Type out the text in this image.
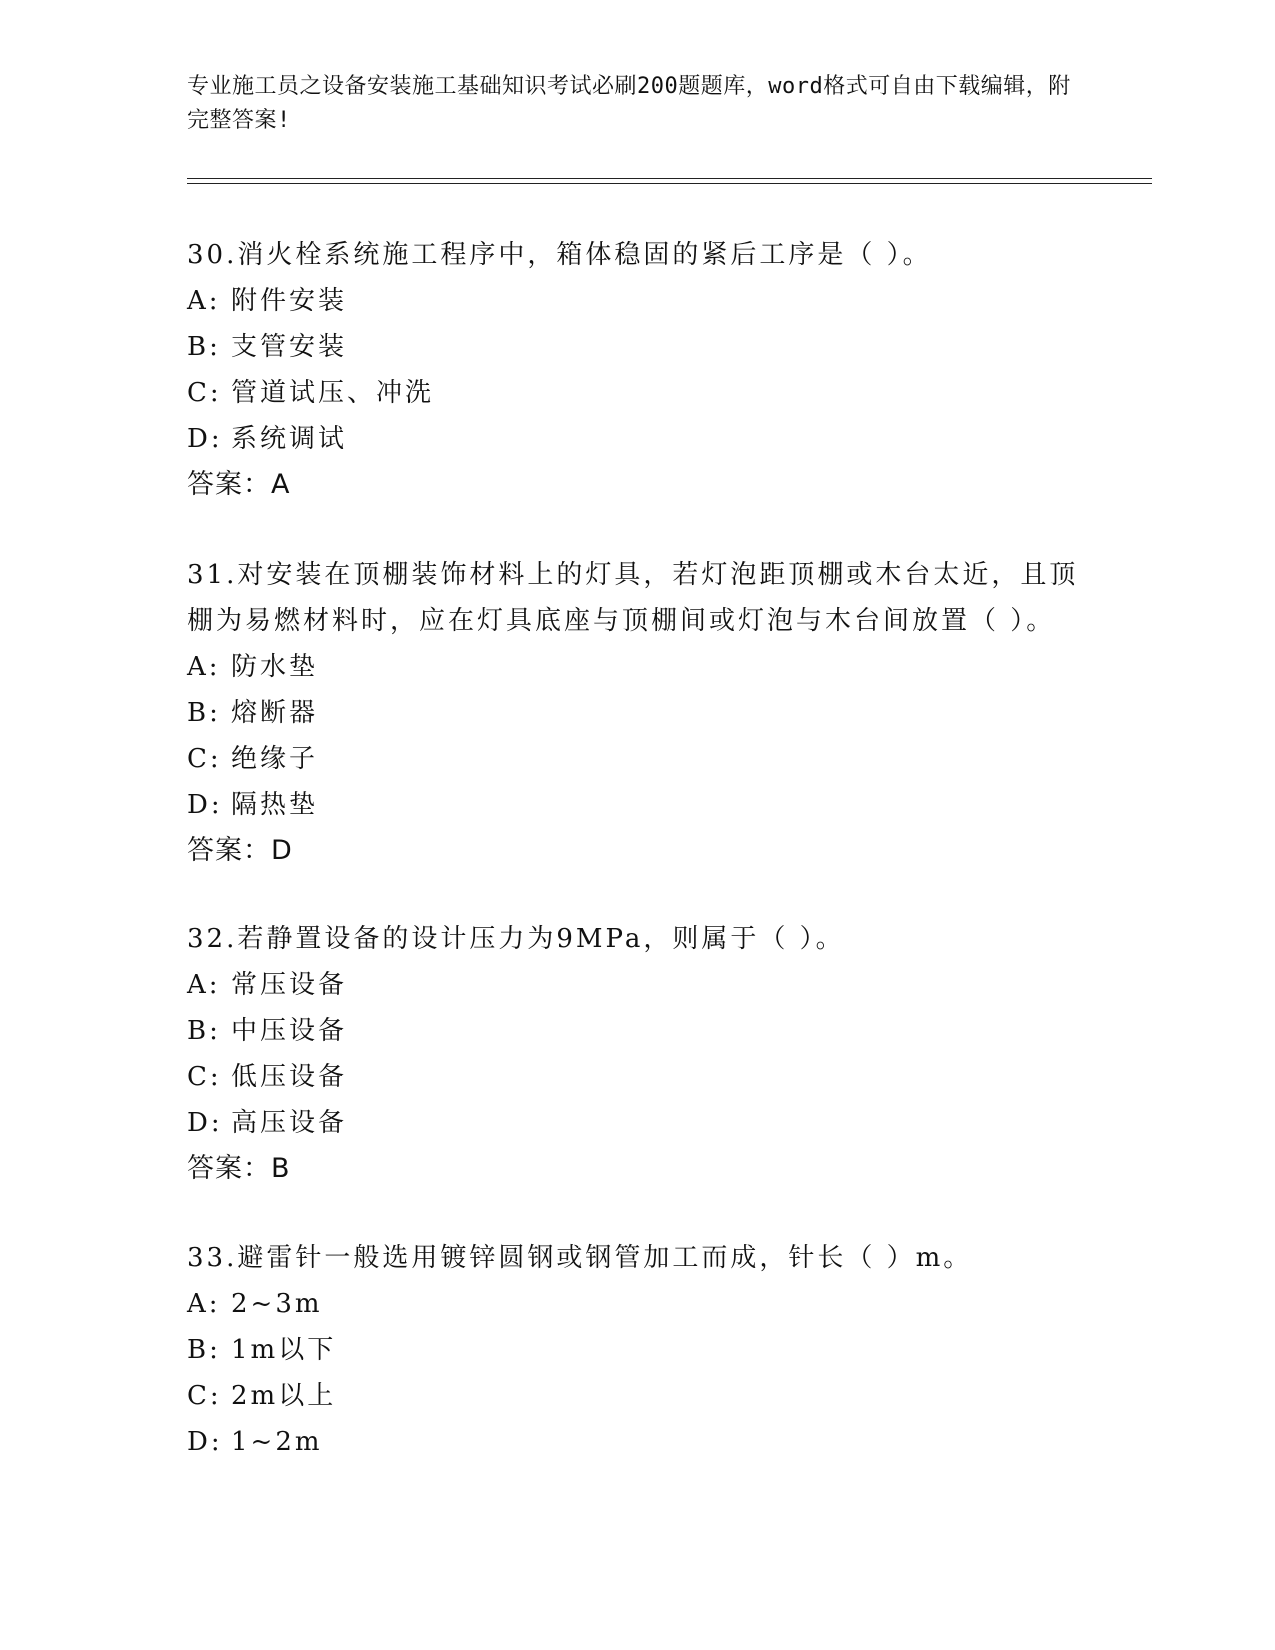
专业施工员之设备安装施工基础知识考试必刷200题题库，word格式可自由下载编辑，附完整答案!

30.消火栓系统施工程序中，箱体稳固的紧后工序是（ ）。

A: 附件安装

B: 支管安装

C: 管道试压、冲洗

D: 系统调试

答案：A

31.对安装在顶棚装饰材料上的灯具，若灯泡距顶棚或木台太近，且顶棚为易燃材料时，应在灯具底座与顶棚间或灯泡与木台间放置（ ）。

A: 防水垫

B: 熔断器

C: 绝缘子

D: 隔热垫

答案：D

32.若静置设备的设计压力为9MPa，则属于（ ）。

A: 常压设备

B: 中压设备

C: 低压设备

D: 高压设备

答案：B

33.避雷针一般选用镀锌圆钢或钢管加工而成，针长（ ）m。

A: 2~3m

B: 1m以下

C: 2m以上

D: 1~2m
